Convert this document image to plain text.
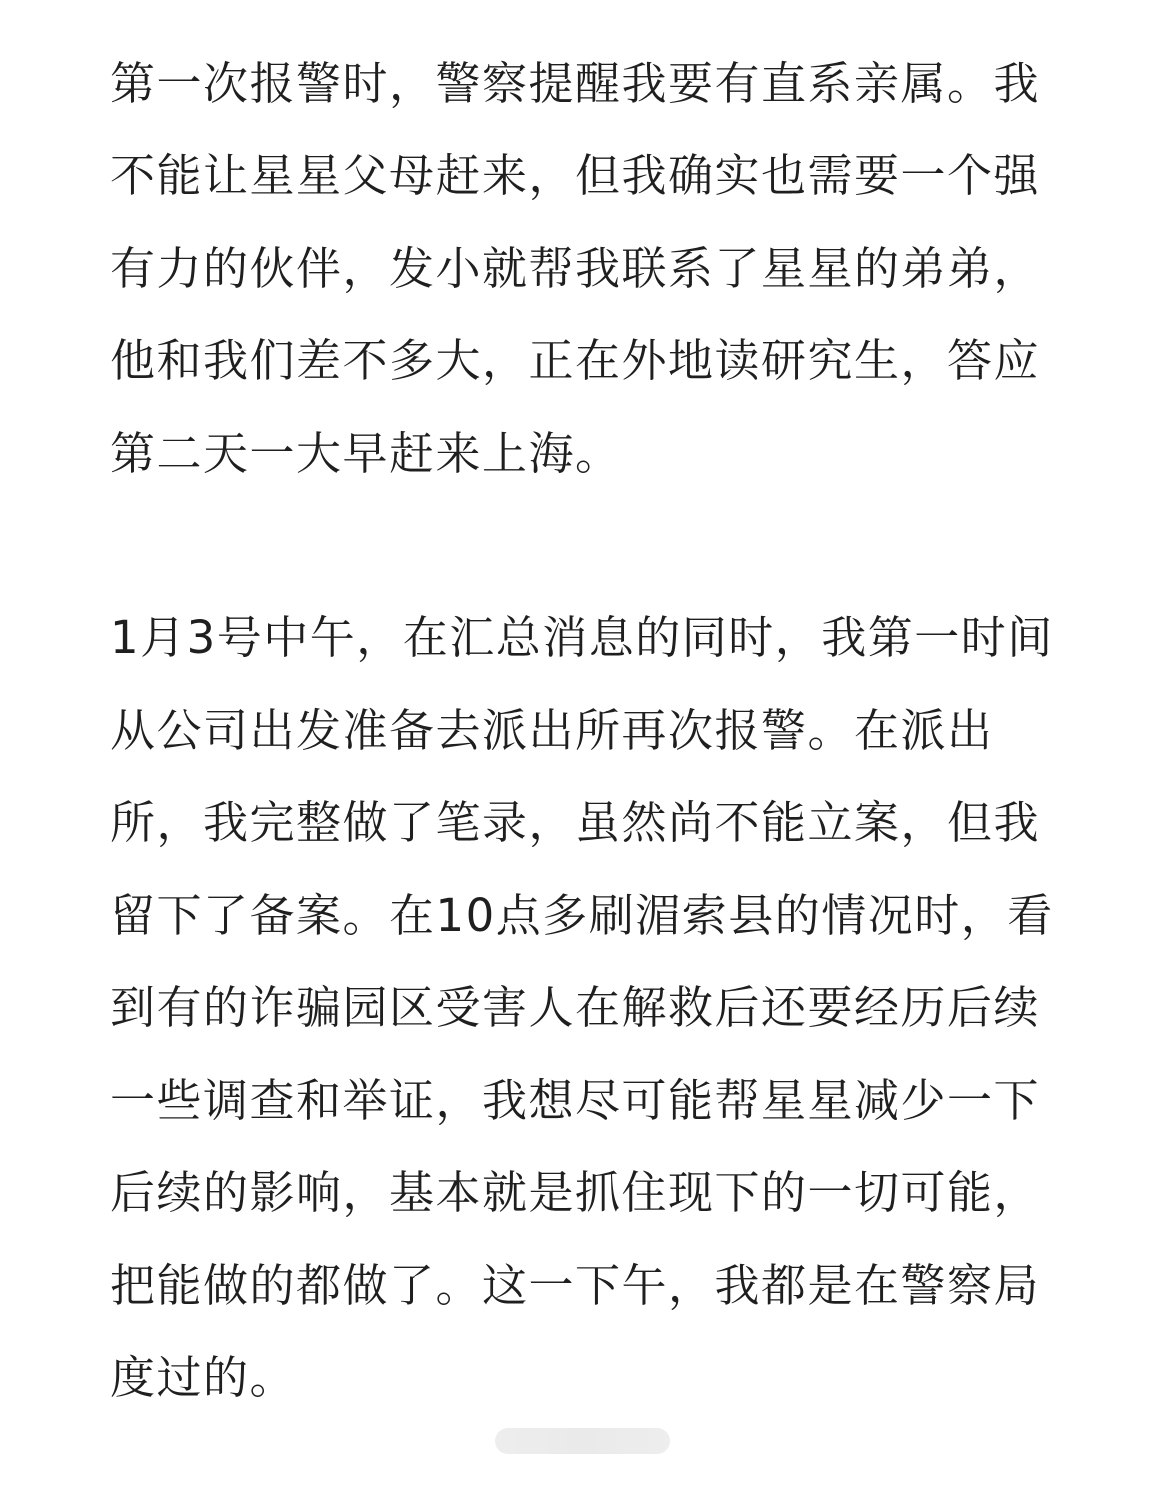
第一次报警时，警察提醒我要有直系亲属。我
不能让星星父母赶来，但我确实也需要一个强
有力的伙伴，发小就帮我联系了星星的弟弟，
他和我们差不多大，正在外地读研究生，答应
第二天一大早赶来上海。
1月3号中午，在汇总消息的同时，我第一时间
从公司出发准备去派出所再次报警。在派出
所，我完整做了笔录，虽然尚不能立案，但我
留下了备案。在10点多刷湄索县的情况时，看
到有的诈骗园区受害人在解救后还要经历后续
一些调查和举证，我想尽可能帮星星减少一下
后续的影响，基本就是抓住现下的一切可能，
把能做的都做了。这一下午，我都是在警察局
度过的。
